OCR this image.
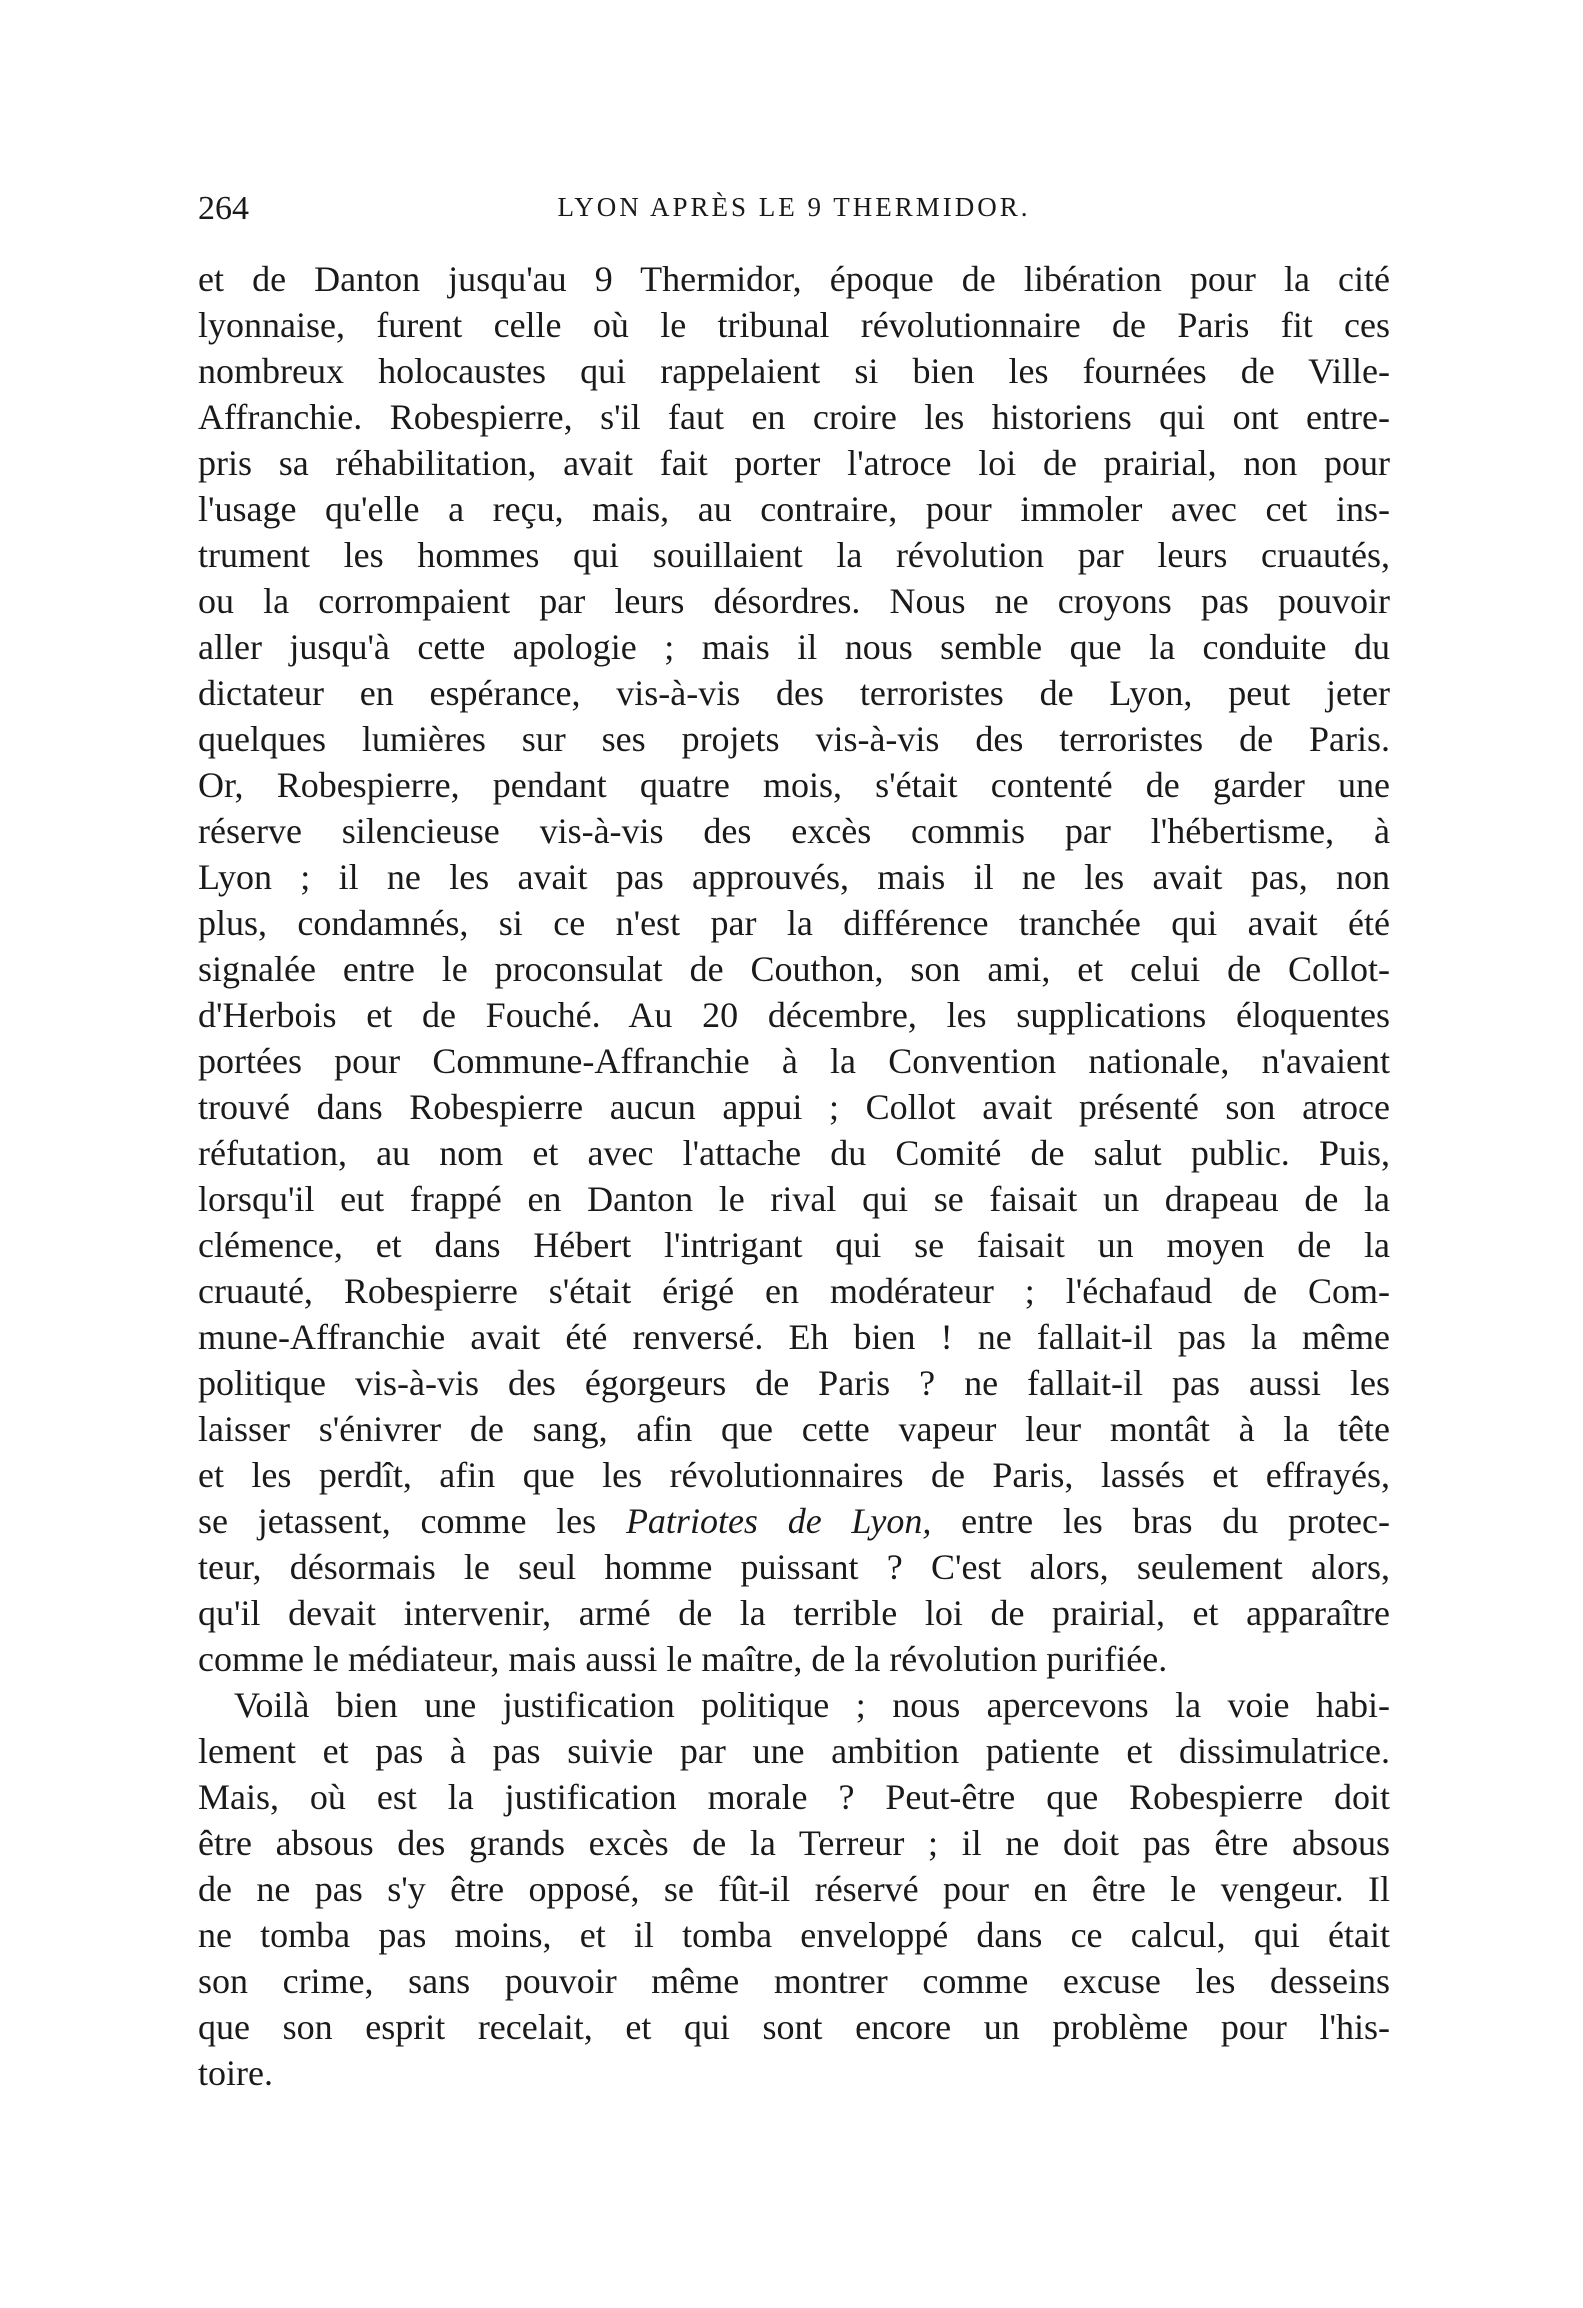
264	LYON APRÈS LE 9 THERMIDOR.
et de Danton jusqu'au 9 Thermidor, époque de libération pour la cité
lyonnaise, furent celle où le tribunal révolutionnaire de Paris fit ces
nombreux holocaustes qui rappelaient si bien les fournées de Ville-
Affranchie. Robespierre, s'il faut en croire les historiens qui ont entre-
pris sa réhabilitation, avait fait porter l'atroce loi de prairial, non pour
l'usage qu'elle a reçu, mais, au contraire, pour immoler avec cet ins-
trument les hommes qui souillaient la révolution par leurs cruautés,
ou la corrompaient par leurs désordres. Nous ne croyons pas pouvoir
aller jusqu'à cette apologie ; mais il nous semble que la conduite du
dictateur en espérance, vis-à-vis des terroristes de Lyon, peut jeter
quelques lumières sur ses projets vis-à-vis des terroristes de Paris.
Or, Robespierre, pendant quatre mois, s'était contenté de garder une
réserve silencieuse vis-à-vis des excès commis par l'hébertisme, à
Lyon ; il ne les avait pas approuvés, mais il ne les avait pas, non
plus, condamnés, si ce n'est par la différence tranchée qui avait été
signalée entre le proconsulat de Couthon, son ami, et celui de Collot-
d'Herbois et de Fouché. Au 20 décembre, les supplications éloquentes
portées pour Commune-Affranchie à la Convention nationale, n'avaient
trouvé dans Robespierre aucun appui ; Collot avait présenté son atroce
réfutation, au nom et avec l'attache du Comité de salut public. Puis,
lorsqu'il eut frappé en Danton le rival qui se faisait un drapeau de la
clémence, et dans Hébert l'intrigant qui se faisait un moyen de la
cruauté, Robespierre s'était érigé en modérateur ; l'échafaud de Com-
mune-Affranchie avait été renversé. Eh bien ! ne fallait-il pas la même
politique vis-à-vis des égorgeurs de Paris ? ne fallait-il pas aussi les
laisser s'énivrer de sang, afin que cette vapeur leur montât à la tête
et les perdît, afin que les révolutionnaires de Paris, lassés et effrayés,
se jetassent, comme les Patriotes de Lyon, entre les bras du protec-
teur, désormais le seul homme puissant ? C'est alors, seulement alors,
qu'il devait intervenir, armé de la terrible loi de prairial, et apparaître
comme le médiateur, mais aussi le maître, de la révolution purifiée.
Voilà bien une justification politique ; nous apercevons la voie habi-
lement et pas à pas suivie par une ambition patiente et dissimulatrice.
Mais, où est la justification morale ? Peut-être que Robespierre doit
être absous des grands excès de la Terreur ; il ne doit pas être absous
de ne pas s'y être opposé, se fût-il réservé pour en être le vengeur. Il
ne tomba pas moins, et il tomba enveloppé dans ce calcul, qui était
son crime, sans pouvoir même montrer comme excuse les desseins
que son esprit recelait, et qui sont encore un problème pour l'his-
toire.
